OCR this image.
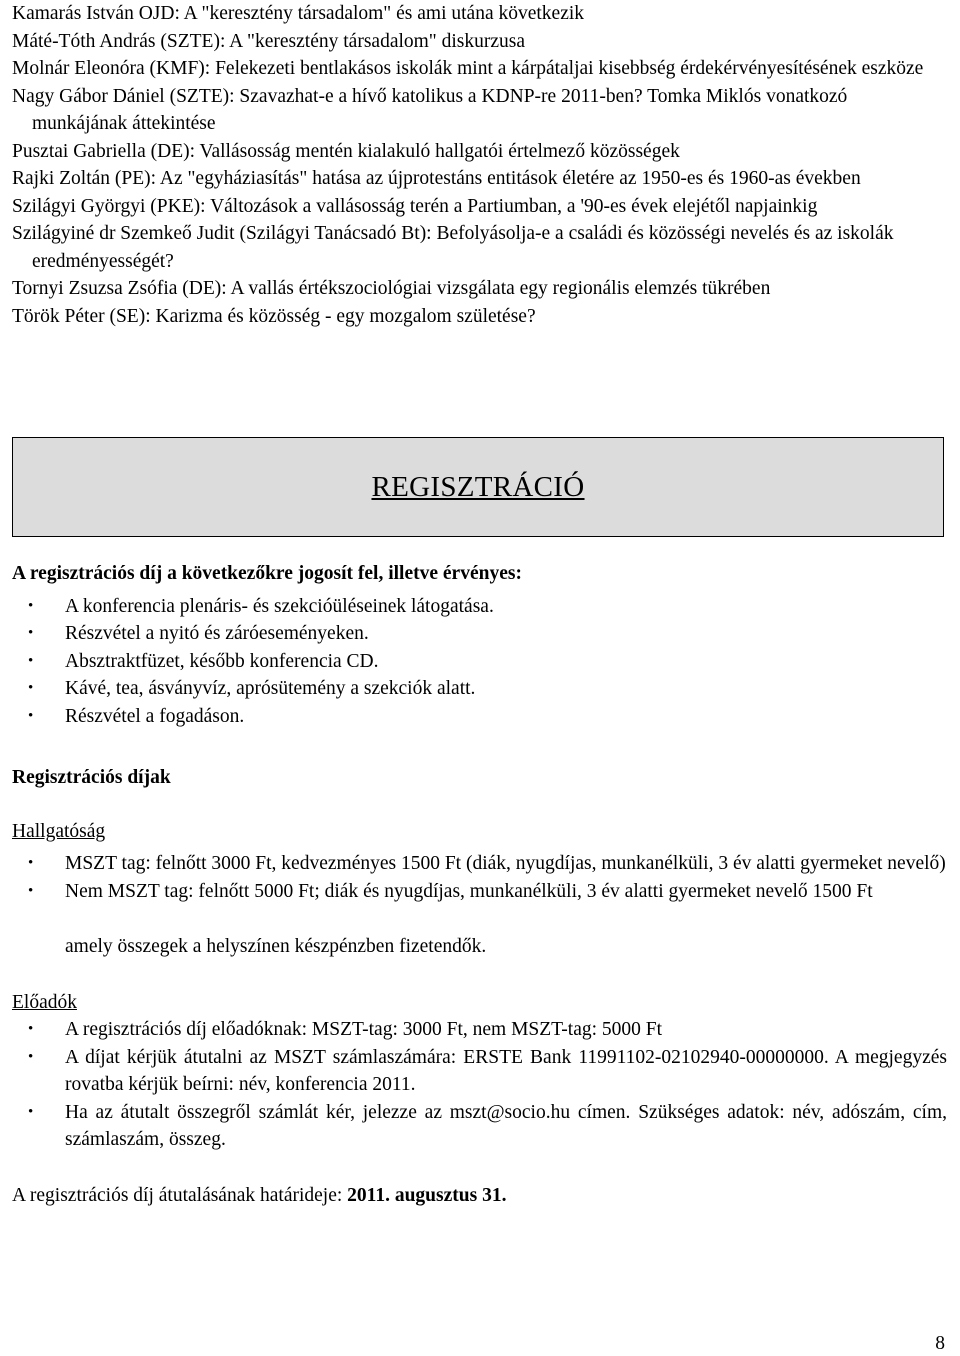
Kamarás István OJD: A "keresztény társadalom" és ami utána következik

Máté-Tóth András (SZTE): A "keresztény társadalom" diskurzusa

Molnár Eleonóra (KMF): Felekezeti bentlakásos iskolák mint a kárpátaljai kisebbség érdekérvényesítésének eszköze

Nagy Gábor Dániel (SZTE): Szavazhat-e a hívő katolikus a KDNP-re 2011-ben? Tomka Miklós vonatkozó munkájának áttekintése

Pusztai Gabriella (DE): Vallásosság mentén kialakuló hallgatói értelmező közösségek

Rajki Zoltán (PE): Az "egyháziasítás" hatása az újprotestáns entitások életére az 1950-es és 1960-as években

Szilágyi Györgyi (PKE): Változások a vallásosság terén a Partiumban, a '90-es évek elejétől napjainkig

Szilágyiné dr Szemkeő Judit (Szilágyi Tanácsadó Bt): Befolyásolja-e a családi és közösségi nevelés és az iskolák eredményességét?

Tornyi Zsuzsa Zsófia (DE): A vallás értékszociológiai vizsgálata egy regionális elemzés tükrében

Török Péter (SE): Karizma és közösség - egy mozgalom születése?

REGISZTRÁCIÓ

A regisztrációs díj a következőkre jogosít fel, illetve érvényes:

• A konferencia plenáris- és szekcióüléseinek látogatása.
• Részvétel a nyitó és záróeseményeken.
• Absztraktfüzet, később konferencia CD.
• Kávé, tea, ásványvíz, aprósütemény a szekciók alatt.
• Részvétel a fogadáson.

Regisztrációs díjak

Hallgatóság

• MSZT tag: felnőtt 3000 Ft, kedvezményes 1500 Ft (diák, nyugdíjas, munkanélküli, 3 év alatti gyermeket nevelő)
• Nem MSZT tag: felnőtt 5000 Ft; diák és nyugdíjas, munkanélküli, 3 év alatti gyermeket nevelő 1500 Ft

amely összegek a helyszínen készpénzben fizetendők.

Előadók

• A regisztrációs díj előadóknak: MSZT-tag: 3000 Ft, nem MSZT-tag: 5000 Ft
• A díjat kérjük átutalni az MSZT számlaszámára: ERSTE Bank 11991102-02102940-00000000. A megjegyzés rovatba kérjük beírni: név, konferencia 2011.
• Ha az átutalt összegről számlát kér, jelezze az mszt@socio.hu címen. Szükséges adatok: név, adószám, cím, számlaszám, összeg.

A regisztrációs díj átutalásának határideje: 2011. augusztus 31.

8
